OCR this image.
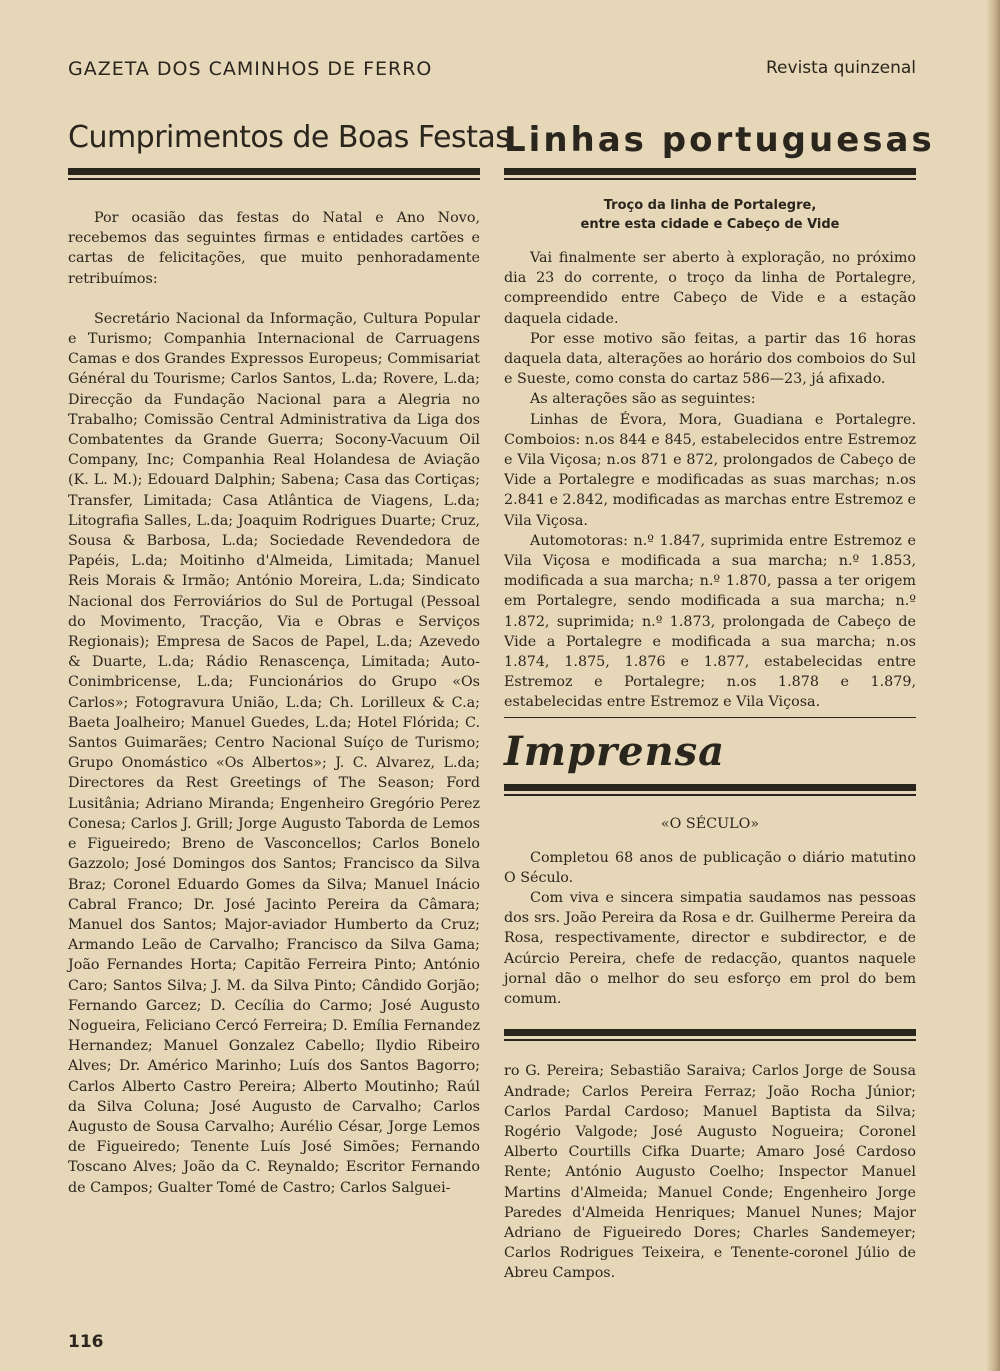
GAZETA DOS CAMINHOS DE FERRO	Revista quinzenal
Cumprimentos de Boas Festas

Por ocasião das festas do Natal e Ano Novo, recebemos das seguintes firmas e entidades cartões e cartas de felicitações, que muito penhoradamente retribuímos:

Secretário Nacional da Informação, Cultura Popular e Turismo; Companhia Internacional de Carruagens Camas e dos Grandes Expressos Europeus; Commisariat Général du Tourisme; Carlos Santos, L.da; Rovere, L.da; Direcção da Fundação Nacional para a Alegria no Trabalho; Comissão Central Administrativa da Liga dos Combatentes da Grande Guerra; Socony-Vacuum Oil Company, Inc; Companhia Real Holandesa de Aviação (K. L. M.); Edouard Dalphin; Sabena; Casa das Cortiças; Transfer, Limitada; Casa Atlântica de Viagens, L.da; Litografia Salles, L.da; Joaquim Rodrigues Duarte; Cruz, Sousa & Barbosa, L.da; Sociedade Revendedora de Papéis, L.da; Moitinho d'Almeida, Limitada; Manuel Reis Morais & Irmão; António Moreira, L.da; Sindicato Nacional dos Ferroviários do Sul de Portugal (Pessoal do Movimento, Tracção, Via e Obras e Serviços Regionais); Empresa de Sacos de Papel, L.da; Azevedo & Duarte, L.da; Rádio Renascença, Limitada; Auto-Conimbricense, L.da; Funcionários do Grupo «Os Carlos»; Fotogravura União, L.da; Ch. Lorilleux & C.a; Baeta Joalheiro; Manuel Guedes, L.da; Hotel Flórida; C. Santos Guimarães; Centro Nacional Suíço de Turismo; Grupo Onomástico «Os Albertos»; J. C. Alvarez, L.da; Directores da Rest Greetings of The Season; Ford Lusitânia; Adriano Miranda; Engenheiro Gregório Perez Conesa; Carlos J. Grill; Jorge Augusto Taborda de Lemos e Figueiredo; Breno de Vasconcellos; Carlos Bonelo Gazzolo; José Domingos dos Santos; Francisco da Silva Braz; Coronel Eduardo Gomes da Silva; Manuel Inácio Cabral Franco; Dr. José Jacinto Pereira da Câmara; Manuel dos Santos; Major-aviador Humberto da Cruz; Armando Leão de Carvalho; Francisco da Silva Gama; João Fernandes Horta; Capitão Ferreira Pinto; António Caro; Santos Silva; J. M. da Silva Pinto; Cândido Gorjão; Fernando Garcez; D. Cecília do Carmo; José Augusto Nogueira, Feliciano Cercó Ferreira; D. Emília Fernandez Hernandez; Manuel Gonzalez Cabello; Ilydio Ribeiro Alves; Dr. Américo Marinho; Luís dos Santos Bagorro; Carlos Alberto Castro Pereira; Alberto Moutinho; Raúl da Silva Coluna; José Augusto de Carvalho; Carlos Augusto de Sousa Carvalho; Aurélio César, Jorge Lemos de Figueiredo; Tenente Luís José Simões; Fernando Toscano Alves; João da C. Reynaldo; Escritor Fernando de Campos; Gualter Tomé de Castro; Carlos Salguei-

Linhas portuguesas

Troço da linha de Portalegre,

entre esta cidade e Cabeço de Vide

Vai finalmente ser aberto à exploração, no próximo dia 23 do corrente, o troço da linha de Portalegre, compreendido entre Cabeço de Vide e a estação daquela cidade.

Por esse motivo são feitas, a partir das 16 horas daquela data, alterações ao horário dos comboios do Sul e Sueste, como consta do cartaz 586—23, já afixado.

As alterações são as seguintes:

Linhas de Évora, Mora, Guadiana e Portalegre. Comboios: n.os 844 e 845, estabelecidos entre Estremoz e Vila Viçosa; n.os 871 e 872, prolongados de Cabeço de Vide a Portalegre e modificadas as suas marchas; n.os 2.841 e 2.842, modificadas as marchas entre Estremoz e Vila Viçosa.

Automotoras: n.º 1.847, suprimida entre Estremoz e Vila Viçosa e modificada a sua marcha; n.º 1.853, modificada a sua marcha; n.º 1.870, passa a ter origem em Portalegre, sendo modificada a sua marcha; n.º 1.872, suprimida; n.º 1.873, prolongada de Cabeço de Vide a Portalegre e modificada a sua marcha; n.os 1.874, 1.875, 1.876 e 1.877, estabelecidas entre Estremoz e Portalegre; n.os 1.878 e 1.879, estabelecidas entre Estremoz e Vila Viçosa.

Imprensa

«O SÉCULO»

Completou 68 anos de publicação o diário matutino O Século.

Com viva e sincera simpatia saudamos nas pessoas dos srs. João Pereira da Rosa e dr. Guilherme Pereira da Rosa, respectivamente, director e subdirector, e de Acúrcio Pereira, chefe de redacção, quantos naquele jornal dão o melhor do seu esforço em prol do bem comum.

ro G. Pereira; Sebastião Saraiva; Carlos Jorge de Sousa Andrade; Carlos Pereira Ferraz; João Rocha Júnior; Carlos Pardal Cardoso; Manuel Baptista da Silva; Rogério Valgode; José Augusto Nogueira; Coronel Alberto Courtills Cifka Duarte; Amaro José Cardoso Rente; António Augusto Coelho; Inspector Manuel Martins d'Almeida; Manuel Conde; Engenheiro Jorge Paredes d'Almeida Henriques; Manuel Nunes; Major Adriano de Figueiredo Dores; Charles Sandemeyer; Carlos Rodrigues Teixeira, e Tenente-coronel Júlio de Abreu Campos.

116
